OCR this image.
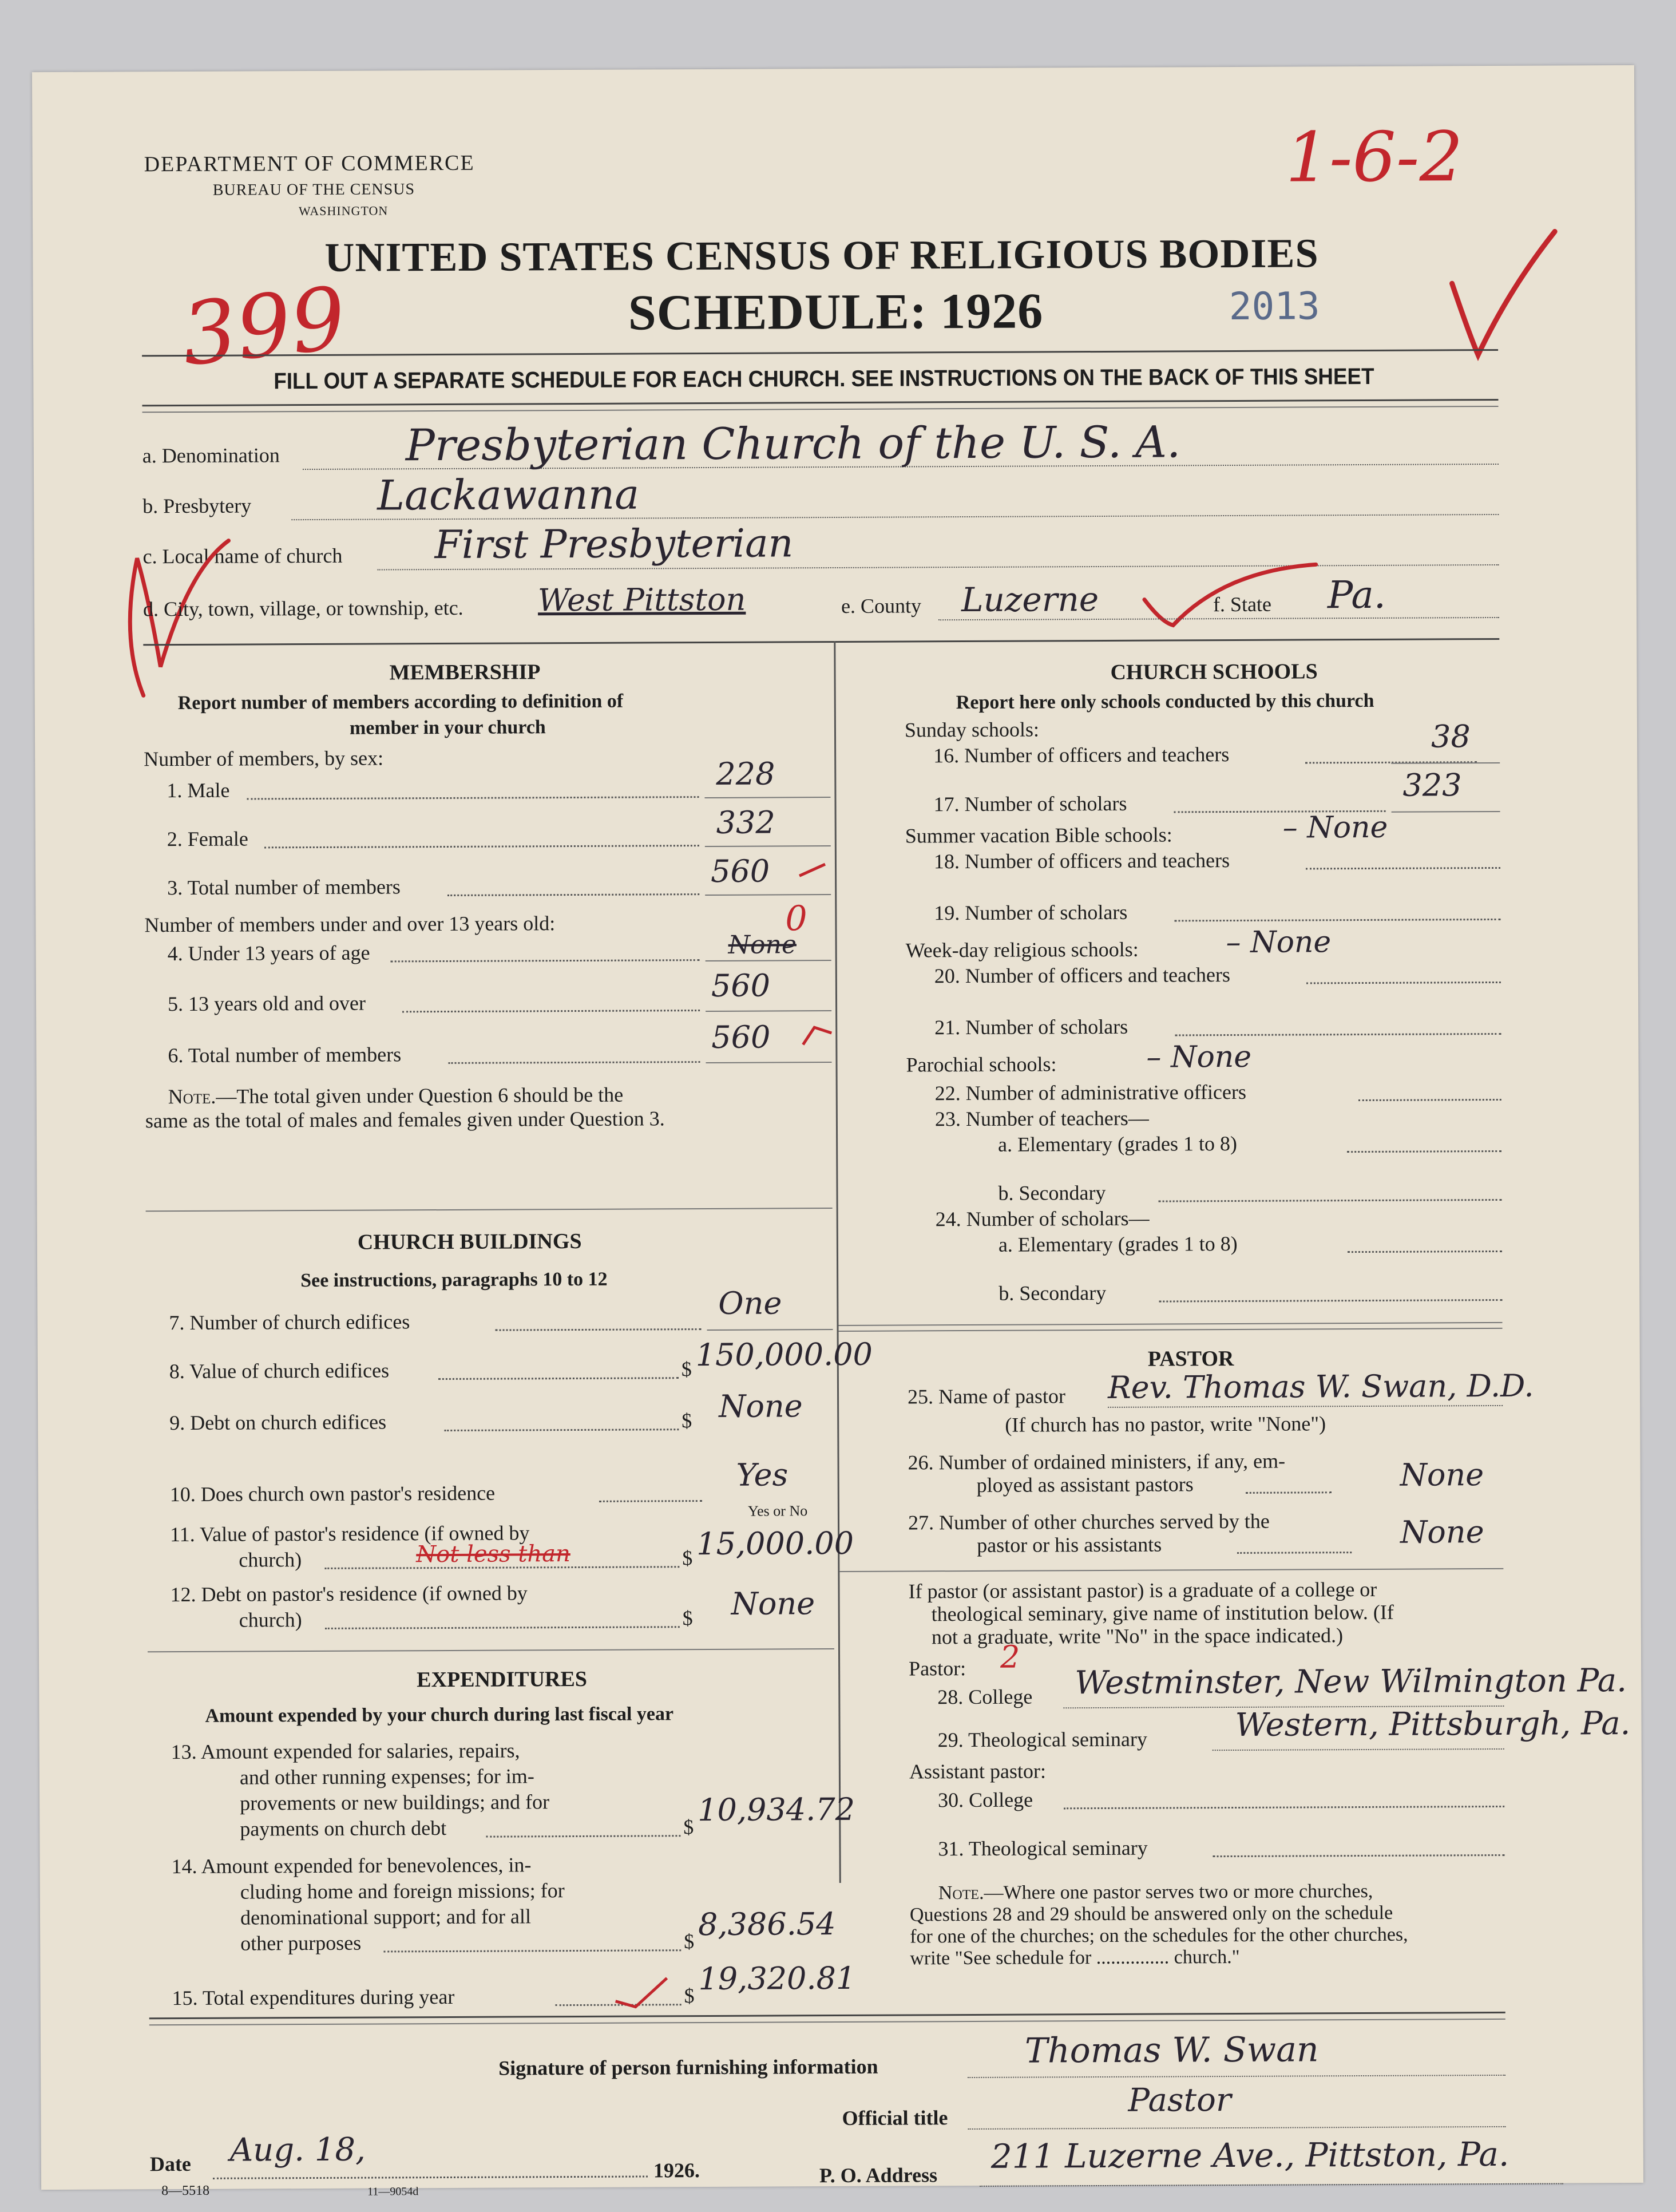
DEPARTMENT OF COMMERCE
BUREAU OF THE CENSUS
WASHINGTON
399
1-6-2
UNITED STATES CENSUS OF RELIGIOUS BODIES
SCHEDULE: 1926	2013
FILL OUT A SEPARATE SCHEDULE FOR EACH CHURCH. SEE INSTRUCTIONS ON THE BACK OF THIS SHEET
a. Denomination	Presbyterian Church of the U. S. A.
b. Presbytery	Lackawanna
c. Local name of church First Presbyterian
d. City, town, village, or township, etc. West Pittston	e. County Luzerne	f. State Pa.
MEMBERSHIP
Report number of members according to definition of
member in your church
Number of members, by sex:
1. Male	228
2. Female	332
3. Total number of members	560
Number of members under and over 13 years old:
4. Under 13 years of age	None
0
5. 13 years old and over	560
6. Total number of members	560
Note.—The total given under Question 6 should be the
same as the total of males and females given under Question 3.
CHURCH BUILDINGS
See instructions, paragraphs 10 to 12
7. Number of church edifices
One
8. Value of church edifices	$ 150,000.00
9. Debt on church edifices	$ None
10. Does church own pastor's residence
Yes
Yes or No
11. Value of pastor's residence (if owned by
church)	Not less than	$ 15,000.00
12. Debt on pastor's residence (if owned by
church)	$ None
EXPENDITURES
Amount expended by your church during last fiscal year
13. Amount expended for salaries, repairs,
and other running expenses; for im-
provements or new buildings; and for
payments on church debt	$ 10,934.72
14. Amount expended for benevolences, in-
cluding home and foreign missions; for
denominational support; and for all
other purposes	$ 8,386.54
15. Total expenditures during year	$ 19,320.81
CHURCH SCHOOLS
Report here only schools conducted by this church
Sunday schools:
16. Number of officers and teachers
38
17. Number of scholars
323
Summer vacation Bible schools:	– None
18. Number of officers and teachers
19. Number of scholars
Week-day religious schools:	– None
20. Number of officers and teachers
21. Number of scholars
Parochial schools:	– None
22. Number of administrative officers
23. Number of teachers—
a. Elementary (grades 1 to 8)
b. Secondary
24. Number of scholars—
a. Elementary (grades 1 to 8)
b. Secondary
PASTOR
25. Name of pastor Rev. Thomas W. Swan, D.D.
(If church has no pastor, write "None")
26. Number of ordained ministers, if any, em-
ployed as assistant pastors	None
27. Number of other churches served by the
pastor or his assistants	None
If pastor (or assistant pastor) is a graduate of a college or
theological seminary, give name of institution below. (If
not a graduate, write "No" in the space indicated.)
Pastor: 2
28. College Westminster, New Wilmington Pa.
29. Theological seminary	Western, Pittsburgh, Pa.
Assistant pastor:
30. College
31. Theological seminary
Note.—Where one pastor serves two or more churches,
Questions 28 and 29 should be answered only on the schedule
for one of the churches; on the schedules for the other churches,
write "See schedule for ............... church."
Signature of person furnishing information	Thomas W. Swan
Official title	Pastor
Date Aug. 18,
1926.
8—5518	11—9054d
P. O. Address 211 Luzerne Ave., Pittston, Pa.
